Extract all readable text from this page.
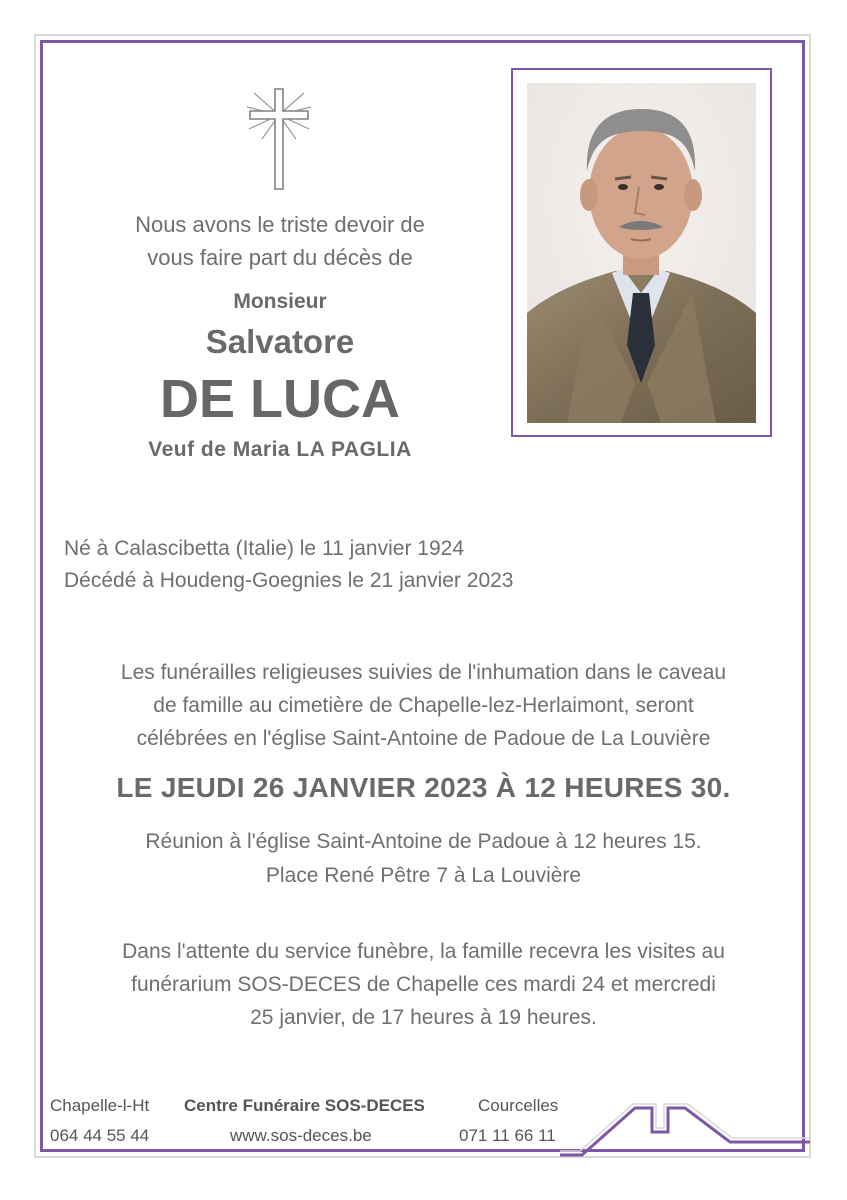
Nous avons le triste devoir de
vous faire part du décès de
Monsieur
Salvatore
DE LUCA
Veuf de Maria LA PAGLIA
Né à Calascibetta (Italie) le 11 janvier 1924
Décédé à Houdeng-Goegnies le 21 janvier 2023
Les funérailles religieuses suivies de l'inhumation dans le caveau
de famille au cimetière de Chapelle-lez-Herlaimont, seront
célébrées en l'église Saint-Antoine de Padoue de La Louvière
LE JEUDI 26 JANVIER 2023 À 12 HEURES 30.
Réunion à l'église Saint-Antoine de Padoue à 12 heures 15.
Place René Pêtre 7 à La Louvière
Dans l'attente du service funèbre, la famille recevra les visites au
funérarium SOS-DECES de Chapelle ces mardi 24 et mercredi
25 janvier, de 17 heures à 19 heures.
Chapelle-l-Ht
064 44 55 44
Centre Funéraire SOS-DECES
www.sos-deces.be
Courcelles
071 11 66 11
